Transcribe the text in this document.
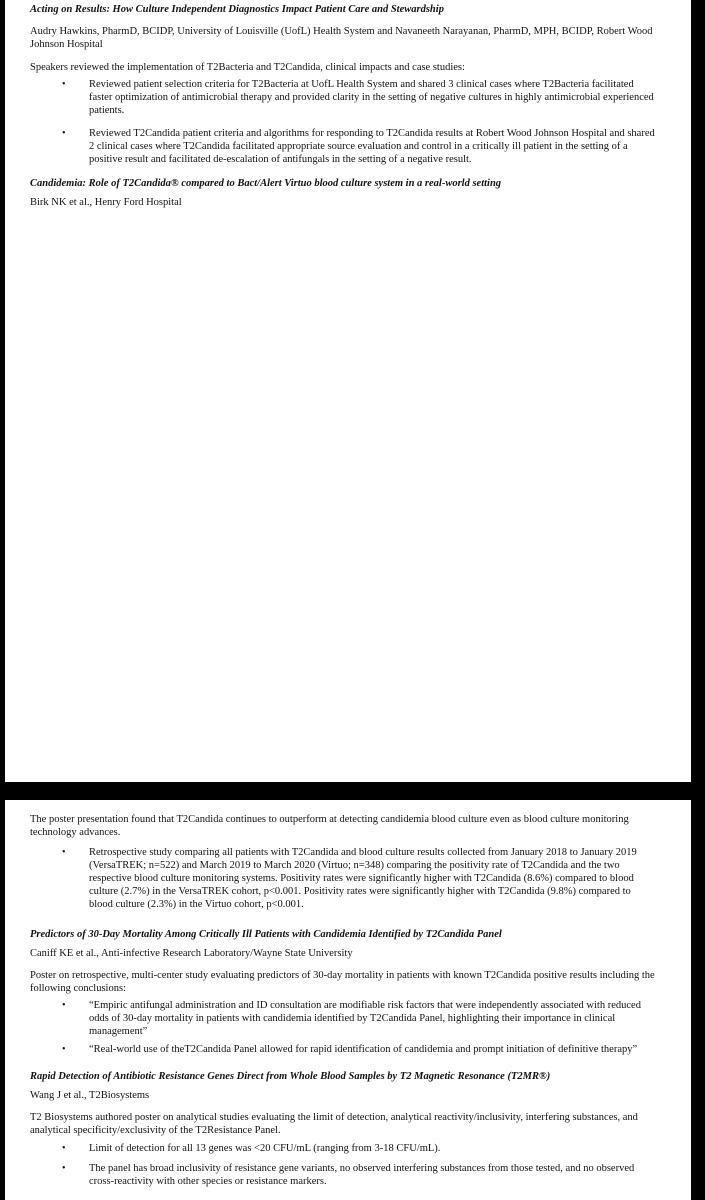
Acting on Results: How Culture Independent Diagnostics Impact Patient Care and Stewardship

Audry Hawkins, PharmD, BCIDP, University of Louisville (UofL) Health System and Navaneeth Narayanan, PharmD, MPH, BCIDP, Robert Wood Johnson Hospital

Speakers reviewed the implementation of T2Bacteria and T2Candida, clinical impacts and case studies:

• Reviewed patient selection criteria for T2Bacteria at UofL Health System and shared 3 clinical cases where T2Bacteria facilitated faster optimization of antimicrobial therapy and provided clarity in the setting of negative cultures in highly antimicrobial experienced patients.
• Reviewed T2Candida patient criteria and algorithms for responding to T2Candida results at Robert Wood Johnson Hospital and shared 2 clinical cases where T2Candida facilitated appropriate source evaluation and control in a critically ill patient in the setting of a positive result and facilitated de-escalation of antifungals in the setting of a negative result.

Candidemia: Role of T2Candida® compared to Bact/Alert Virtuo blood culture system in a real-world setting

Birk NK et al., Henry Ford Hospital

The poster presentation found that T2Candida continues to outperform at detecting candidemia blood culture even as blood culture monitoring technology advances.

• Retrospective study comparing all patients with T2Candida and blood culture results collected from January 2018 to January 2019 (VersaTREK; n=522) and March 2019 to March 2020 (Virtuo; n=348) comparing the positivity rate of T2Candida and the two respective blood culture monitoring systems. Positivity rates were significantly higher with T2Candida (8.6%) compared to blood culture (2.7%) in the VersaTREK cohort, p<0.001. Positivity rates were significantly higher with T2Candida (9.8%) compared to blood culture (2.3%) in the Virtuo cohort, p<0.001.

Predictors of 30-Day Mortality Among Critically Ill Patients with Candidemia Identified by T2Candida Panel

Caniff KE et al., Anti-infective Research Laboratory/Wayne State University

Poster on retrospective, multi-center study evaluating predictors of 30-day mortality in patients with known T2Candida positive results including the following conclusions:

• “Empiric antifungal administration and ID consultation are modifiable risk factors that were independently associated with reduced odds of 30-day mortality in patients with candidemia identified by T2Candida Panel, highlighting their importance in clinical management”
• “Real-world use of theT2Candida Panel allowed for rapid identification of candidemia and prompt initiation of definitive therapy”

Rapid Detection of Antibiotic Resistance Genes Direct from Whole Blood Samples by T2 Magnetic Resonance (T2MR®)

Wang J et al., T2Biosystems

T2 Biosystems authored poster on analytical studies evaluating the limit of detection, analytical reactivity/inclusivity, interfering substances, and analytical specificity/exclusivity of the T2Resistance Panel.

• Limit of detection for all 13 genes was <20 CFU/mL (ranging from 3-18 CFU/mL).
• The panel has broad inclusivity of resistance gene variants, no observed interfering substances from those tested, and no observed cross-reactivity with other species or resistance markers.
